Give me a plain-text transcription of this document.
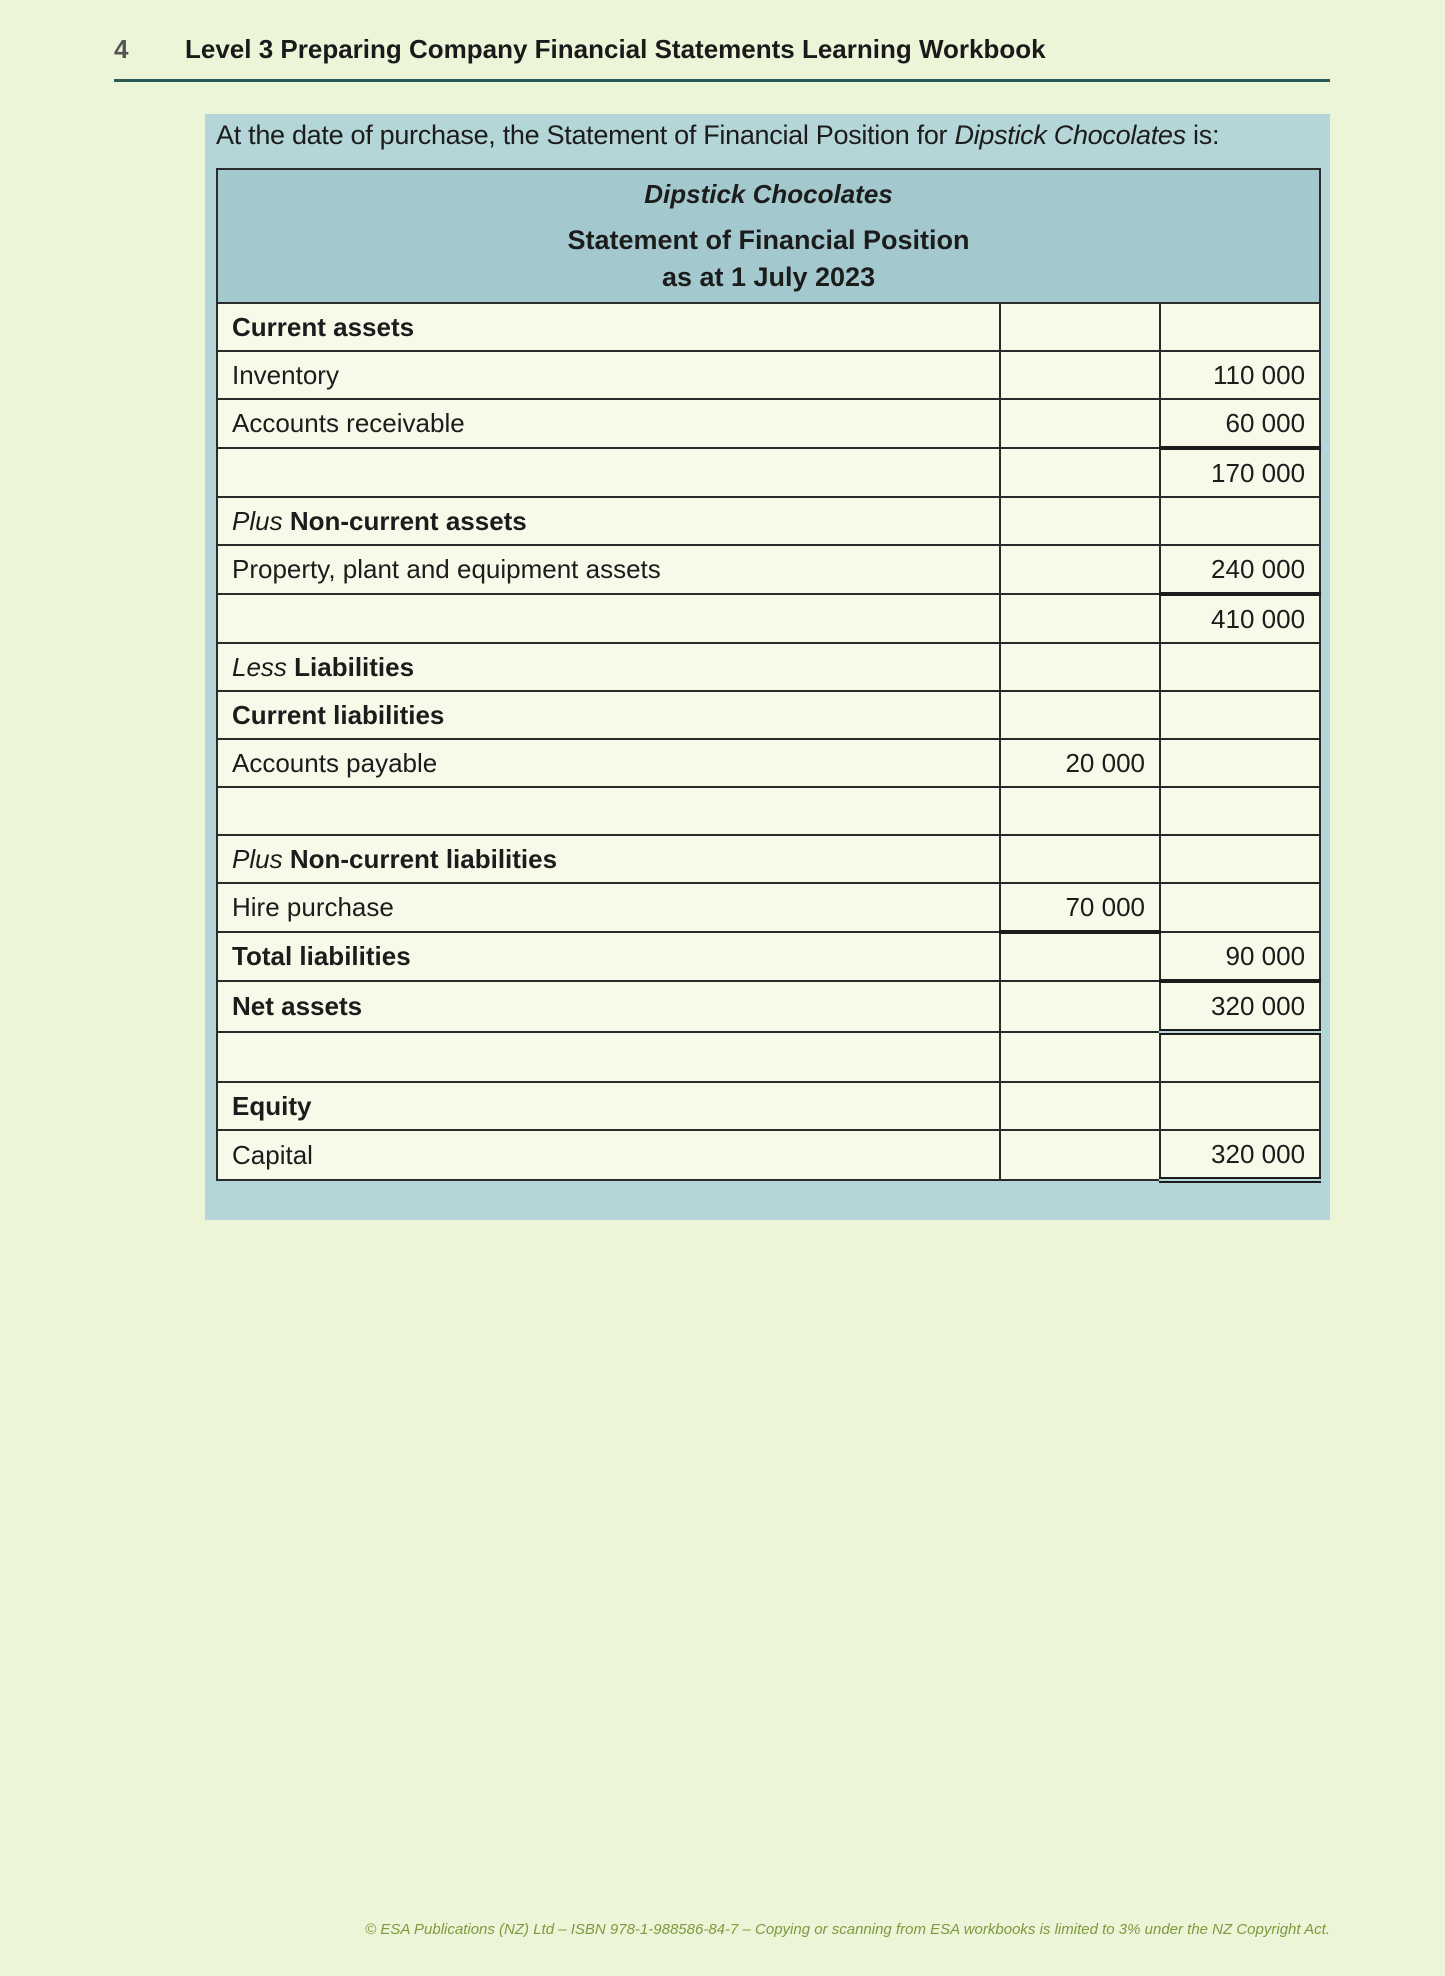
4 Level 3 Preparing Company Financial Statements Learning Workbook
At the date of purchase, the Statement of Financial Position for Dipstick Chocolates is:
Dipstick Chocolates
Statement of Financial Position
as at 1 July 2023		

Current assets		
Inventory		110 000
Accounts receivable		60 000
		170 000
Plus Non-current assets		
Property, plant and equipment assets		240 000
		410 000
Less Liabilities		
Current liabilities		
Accounts payable	20 000	

Plus Non-current liabilities		
Hire purchase	70 000	
Total liabilities		90 000
Net assets		320 000

Equity		
Capital		320 000
© ESA Publications (NZ) Ltd – ISBN 978-1-988586-84-7 – Copying or scanning from ESA workbooks is limited to 3% under the NZ Copyright Act.
